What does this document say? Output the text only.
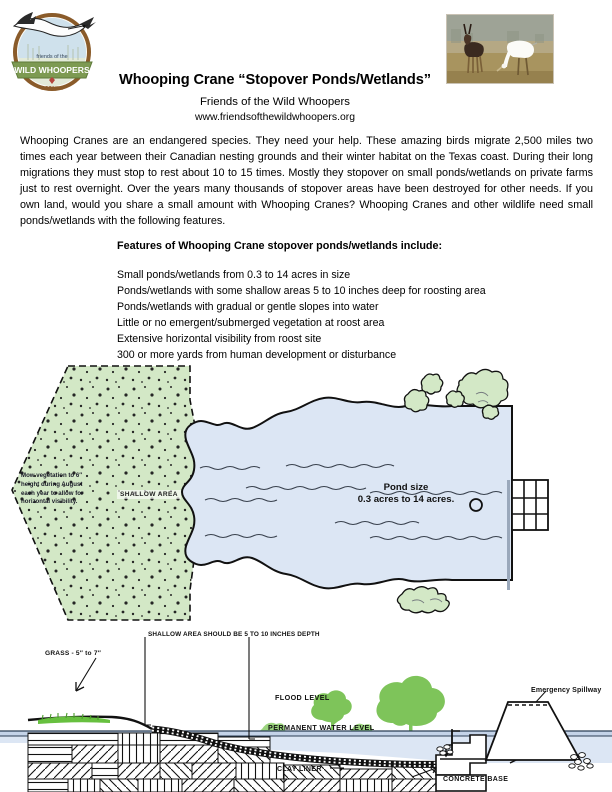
friends of the
WILD WHOOPERS
POTAWA
Whooping Crane “Stopover Ponds/Wetlands”
Friends of the Wild Whoopers
www.friendsofthewildwhoopers.org
Whooping Cranes are an endangered species. They need your help. These amazing birds migrate 2,500 miles two times each year between their Canadian nesting grounds and their winter habitat on the Texas coast. During their long migrations they must stop to rest about 10 to 15 times. Mostly they stopover on small ponds/wetlands on private farms just to rest overnight. Over the years many thousands of stopover areas have been destroyed for other needs. If you own land, would you share a small amount with Whooping Cranes? Whooping Cranes and other wildlife need small ponds/wetlands with the following features.
Features of Whooping Crane stopover ponds/wetlands include:
Small ponds/wetlands from 0.3 to 14 acres in size
Ponds/wetlands with some shallow areas 5 to 10 inches deep for roosting area
Ponds/wetlands with gradual or gentle slopes into water
Little or no emergent/submerged vegetation at roost area
Extensive horizontal visibility from roost site
300 or more yards from human development or disturbance
Mow vegetation to 6″ height during August each year to allow for horizontal visibility.
SHALLOW AREA
Pond size
0.3 acres to 14 acres.
GRASS - 5″ to 7″
SHALLOW AREA SHOULD BE 5 TO 10 INCHES DEPTH
FLOOD LEVEL
PERMANENT WATER LEVEL
CLAY LINER
CONCRETE BASE
Emergency Spillway
